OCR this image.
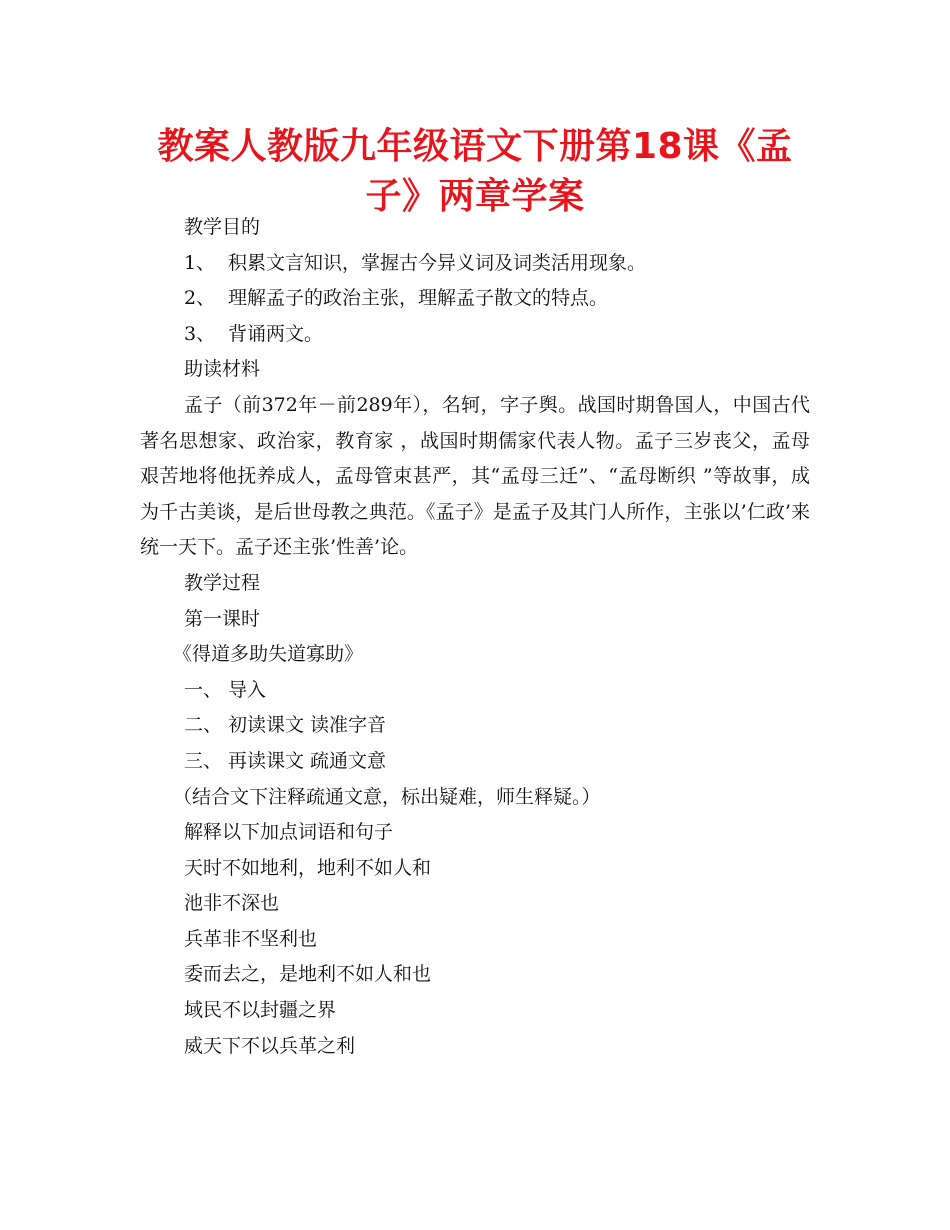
教案人教版九年级语文下册第18课《孟子》两章学案
教学目的
1、 积累文言知识，掌握古今异义词及词类活用现象。
2、 理解孟子的政治主张，理解孟子散文的特点。
3、 背诵两文。
助读材料
孟子（前372年－前289年），名轲，字子舆。战国时期鲁国人，中国古代著名思想家、政治家，教育家 ，战国时期儒家代表人物。孟子三岁丧父，孟母艰苦地将他抚养成人，孟母管束甚严，其“孟母三迁”、“孟母断织 ”等故事，成为千古美谈，是后世母教之典范。《孟子》是孟子及其门人所作，主张以’仁政’来统一天下。孟子还主张’性善’论。
教学过程
第一课时
《得道多助失道寡助》
一、 导入
二、 初读课文 读准字音
三、 再读课文 疏通文意
（结合文下注释疏通文意，标出疑难，师生释疑。）
解释以下加点词语和句子
天时不如地利，地利不如人和
池非不深也
兵革非不坚利也
委而去之，是地利不如人和也
域民不以封疆之界
威天下不以兵革之利
